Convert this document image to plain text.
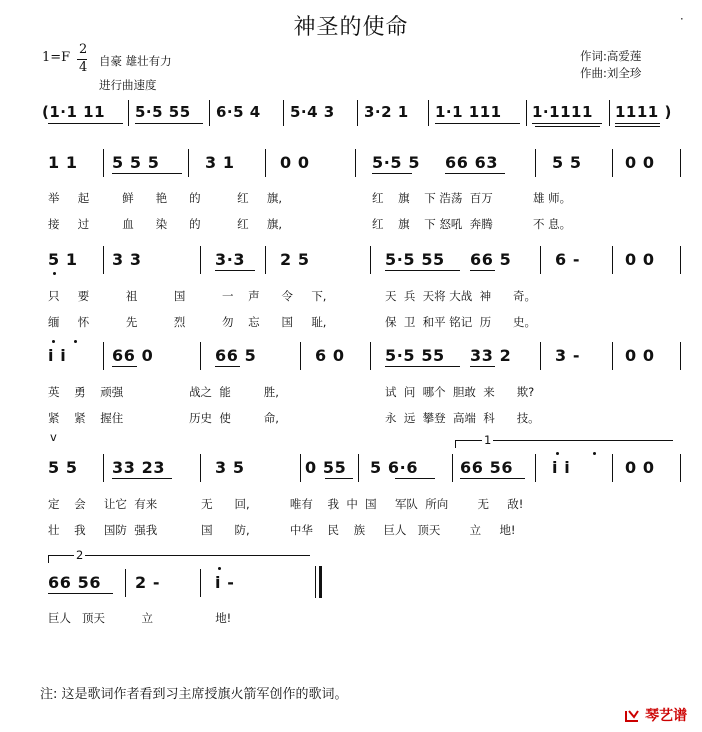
神圣的使命	·
1=F
2
4 自豪 雄壮有力
进行曲速度
作词:高爱莲
作曲:刘全珍
(1·1 11 5·5 55 6·5 4 5·4 3 3·2 1 1·1 111 1·1111 1111 )
1 1 5 5 5	3 1	0 0	5·5 5 66 63	5 5	0 0
举 起	鲜 艳 的	红 旗,	红 旗 下 浩荡 百万	雄 师。
接 过	血 染 的	红 旗,	红 旗 下 怒吼 奔腾	不 息。
5 1 3 3	3·3 2 5	5·5 55 66 5	6 -	0 0
只 要	祖	国	一 声 令 下,	天 兵 天将 大战 神 奇。
缅 怀	先	烈	勿 忘 国 耻,	保 卫 和平 铭记 历 史。
i i	66 0	66 5	6 0	5·5 55 33 2	3 -	0 0
英 勇 顽强	战之 能	胜,	试 问 哪个 胆敢 来 欺?
紧 紧 握住	历史 使	命,	永 远 攀登 高端 科 技。
v	1
5 5 33 23	3 5	0 55 5 6·6	66 56 i i	0 0
定 会 让它 有来	无 回,	唯有 我 中 国 军队 所向	无 敌!
壮 我 国防 强我	国 防,	中华 民 族 巨人 顶天	立 地!
2
66 56 2 -	i -
巨人 顶天	立	地!
注: 这是歌词作者看到习主席授旗火箭军创作的歌词。
琴艺谱
